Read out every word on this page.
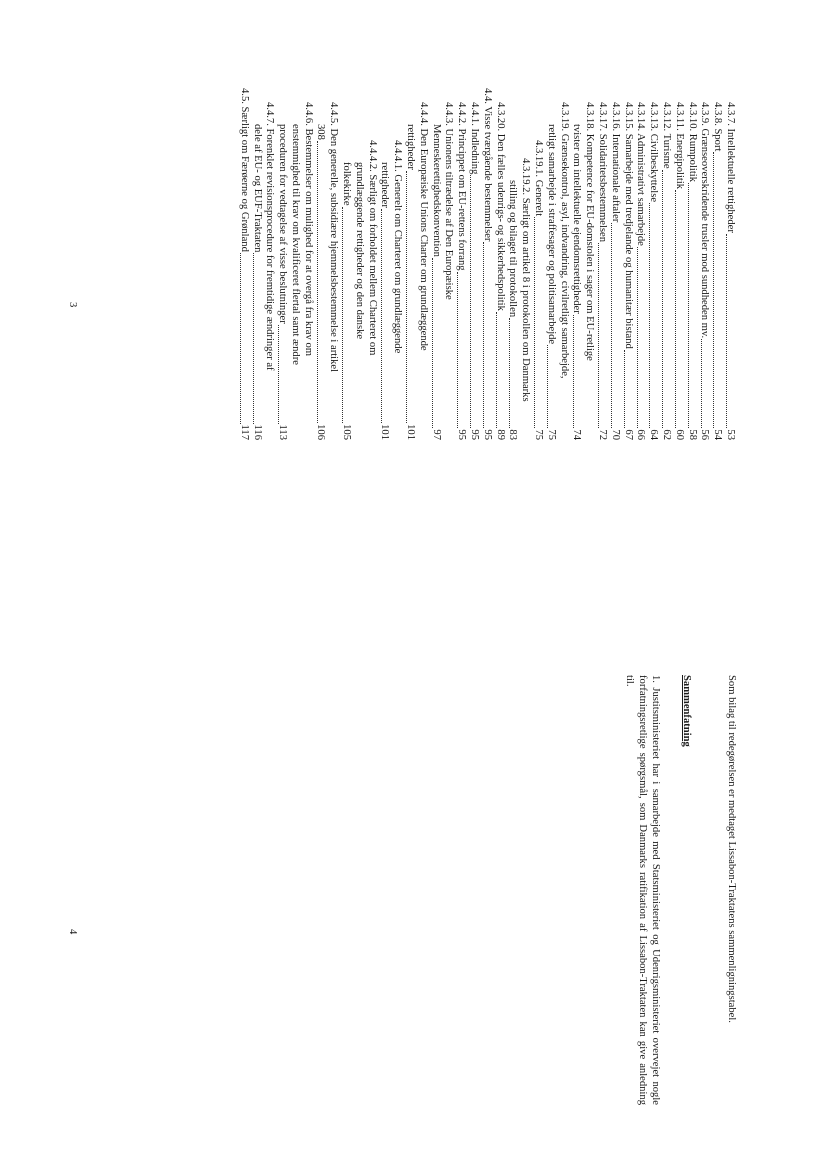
4.3.7. Intellektuelle rettigheder
53
4.3.8. Sport
54
4.3.9. Grænseoverskridende trusler mod sundheden mv.
56
4.3.10. Rumpolitik
58
4.3.11. Energipolitik
60
4.3.12. Turisme
62
4.3.13. Civilbeskyttelse
64
4.3.14. Administrativt samarbejde
66
4.3.15. Samarbejde med tredjelande og humanitær bistand
67
4.3.16. Internationale aftaler
70
4.3.17. Solidaritetsbestemmelsen
72
4.3.18. Kompetence for EU-domstolen i sager om EU-retlige
tvister om intellektuelle ejendomsrettigheder
74
4.3.19. Grænsekontrol, asyl, indvandring, civilretligt samarbejde,
retligt samarbejde i straffesager og politisamarbejde
75
4.3.19.1. Generelt
75
4.3.19.2. Særligt om artikel 8 i protokollen om Danmarks
stilling og bilaget til protokollen
83
4.3.20. Den fælles udenrigs- og sikkerhedspolitik
89
4.4. Visse tværgående bestemmelser
95
4.4.1. Indledning
95
4.4.2. Princippet om EU-rettens forrang
95
4.4.3. Unionens tiltrædelse af Den Europæiske
Menneskerettighedskonvention
97
4.4.4. Den Europæiske Unions Charter om grundlæggende
rettigheder
101
4.4.4.1. Generelt om Charteret om grundlæggende
rettigheder
101
4.4.4.2. Særligt om forholdet mellem Charteret om
grundlæggende rettigheder og den danske
folkekirke
105
4.4.5. Den generelle, subsidiære hjemmelsbestemmelse i artikel
308
106
4.4.6. Bestemmelser om mulighed for at overgå fra krav om
enstemmighed til krav om kvalificeret flertal samt ændre
proceduren for vedtagelse af visse beslutninger
113
4.4.7. Forenklet revisionsprocedure for fremtidige ændringer af
dele af EU- og EUF-Traktaten
116
4.5. Særligt om Færøerne og Grønland
117
3
Som bilag til redegørelsen er medtaget Lissabon-Traktatens sammenligningstabel.
Sammenfatning
1. Justitsministeriet har i samarbejde med Statsministeriet og Udenrigsministeriet overvejet nogle forfatningsretlige spørgsmål, som Danmarks ratifikation af Lissabon-Traktaten kan give anledning til.
4
